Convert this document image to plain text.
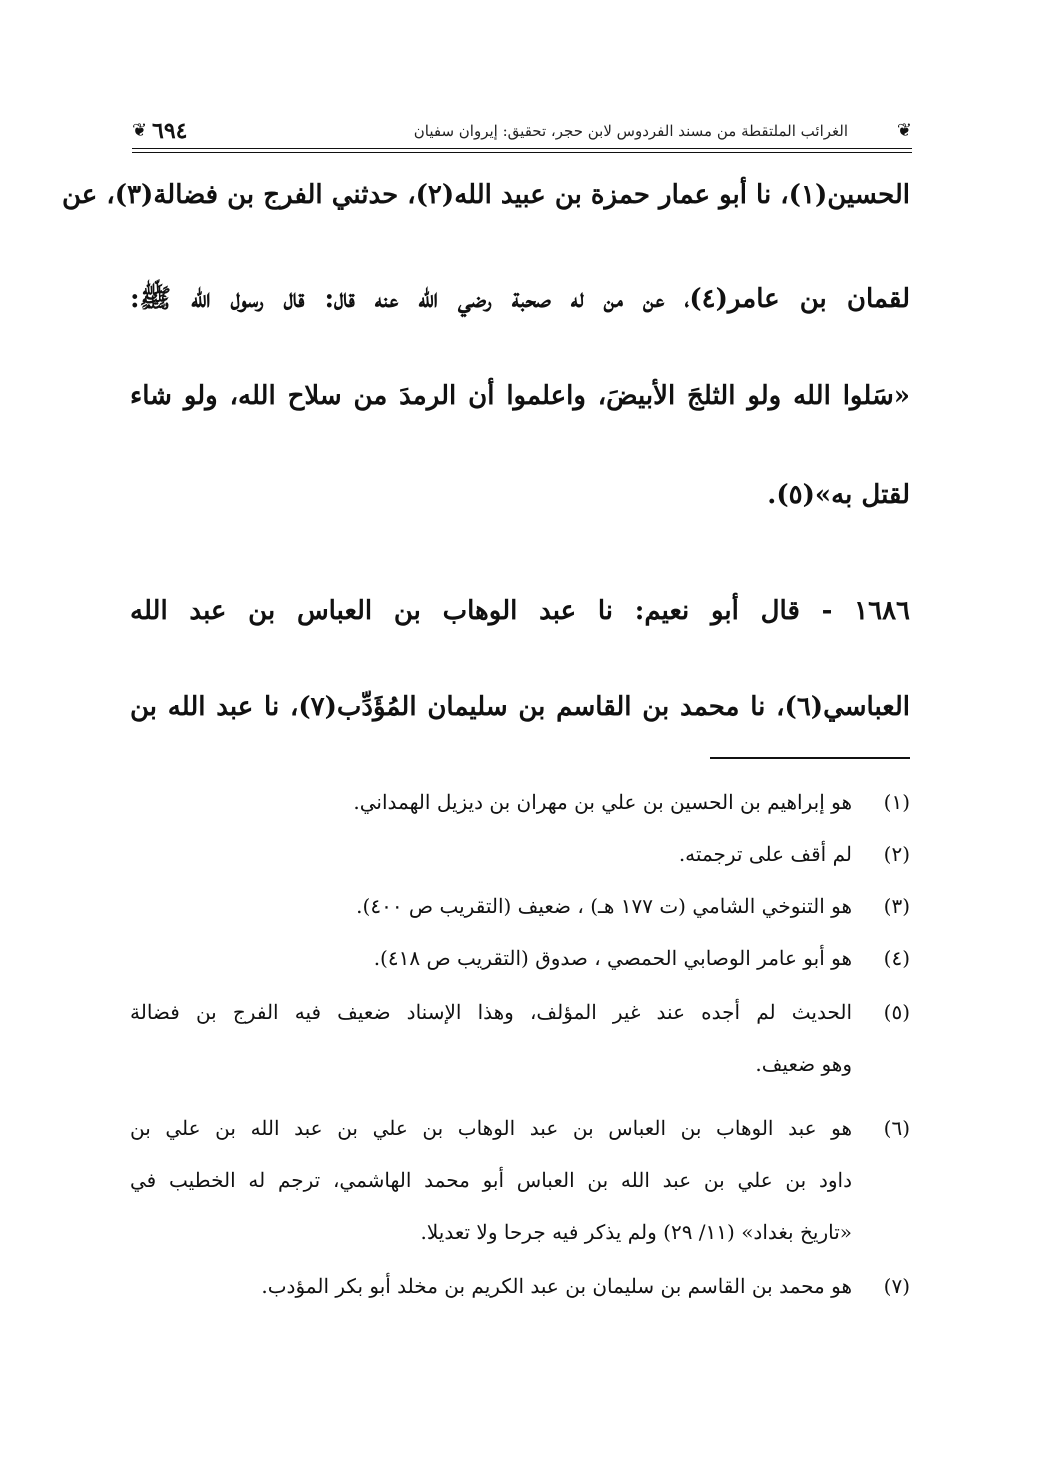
❦
الغرائب الملتقطة من مسند الفردوس لابن حجر، تحقيق: إيروان سفيان
٦٩٤
❦
الحسين(١)، نا أبو عمار حمزة بن عبيد الله(٢)، حدثني الفرج بن فضالة(٣)، عن
لقمان بن عامر(٤)، عن من له صحبة رضي الله عنه قال: قال رسول الله ﷺ:
«سَلوا الله ولو الثلجَ الأبيضَ، واعلموا أن الرمدَ من سلاح الله، ولو شاء
لقتل به»(٥).
١٦٨٦ - قال أبو نعيم: نا عبد الوهاب بن العباس بن عبد الله
العباسي(٦)، نا محمد بن القاسم بن سليمان المُؤَدِّب(٧)، نا عبد الله بن
(١)
هو إبراهيم بن الحسين بن علي بن مهران بن ديزيل الهمداني.
(٢)
لم أقف على ترجمته.
(٣)
هو التنوخي الشامي (ت ١٧٧ هـ) ، ضعيف (التقريب ص ٤٠٠).
(٤)
هو أبو عامر الوصابي الحمصي ، صدوق (التقريب ص ٤١٨).
(٥)
الحديث لم أجده عند غير المؤلف، وهذا الإسناد ضعيف فيه الفرج بن فضالة
وهو ضعيف.
(٦)
هو عبد الوهاب بن العباس بن عبد الوهاب بن علي بن عبد الله بن علي بن
داود بن علي بن عبد الله بن العباس أبو محمد الهاشمي، ترجم له الخطيب في
«تاريخ بغداد» (١١/ ٢٩) ولم يذكر فيه جرحا ولا تعديلا.
(٧)
هو محمد بن القاسم بن سليمان بن عبد الكريم بن مخلد أبو بكر المؤدب.
